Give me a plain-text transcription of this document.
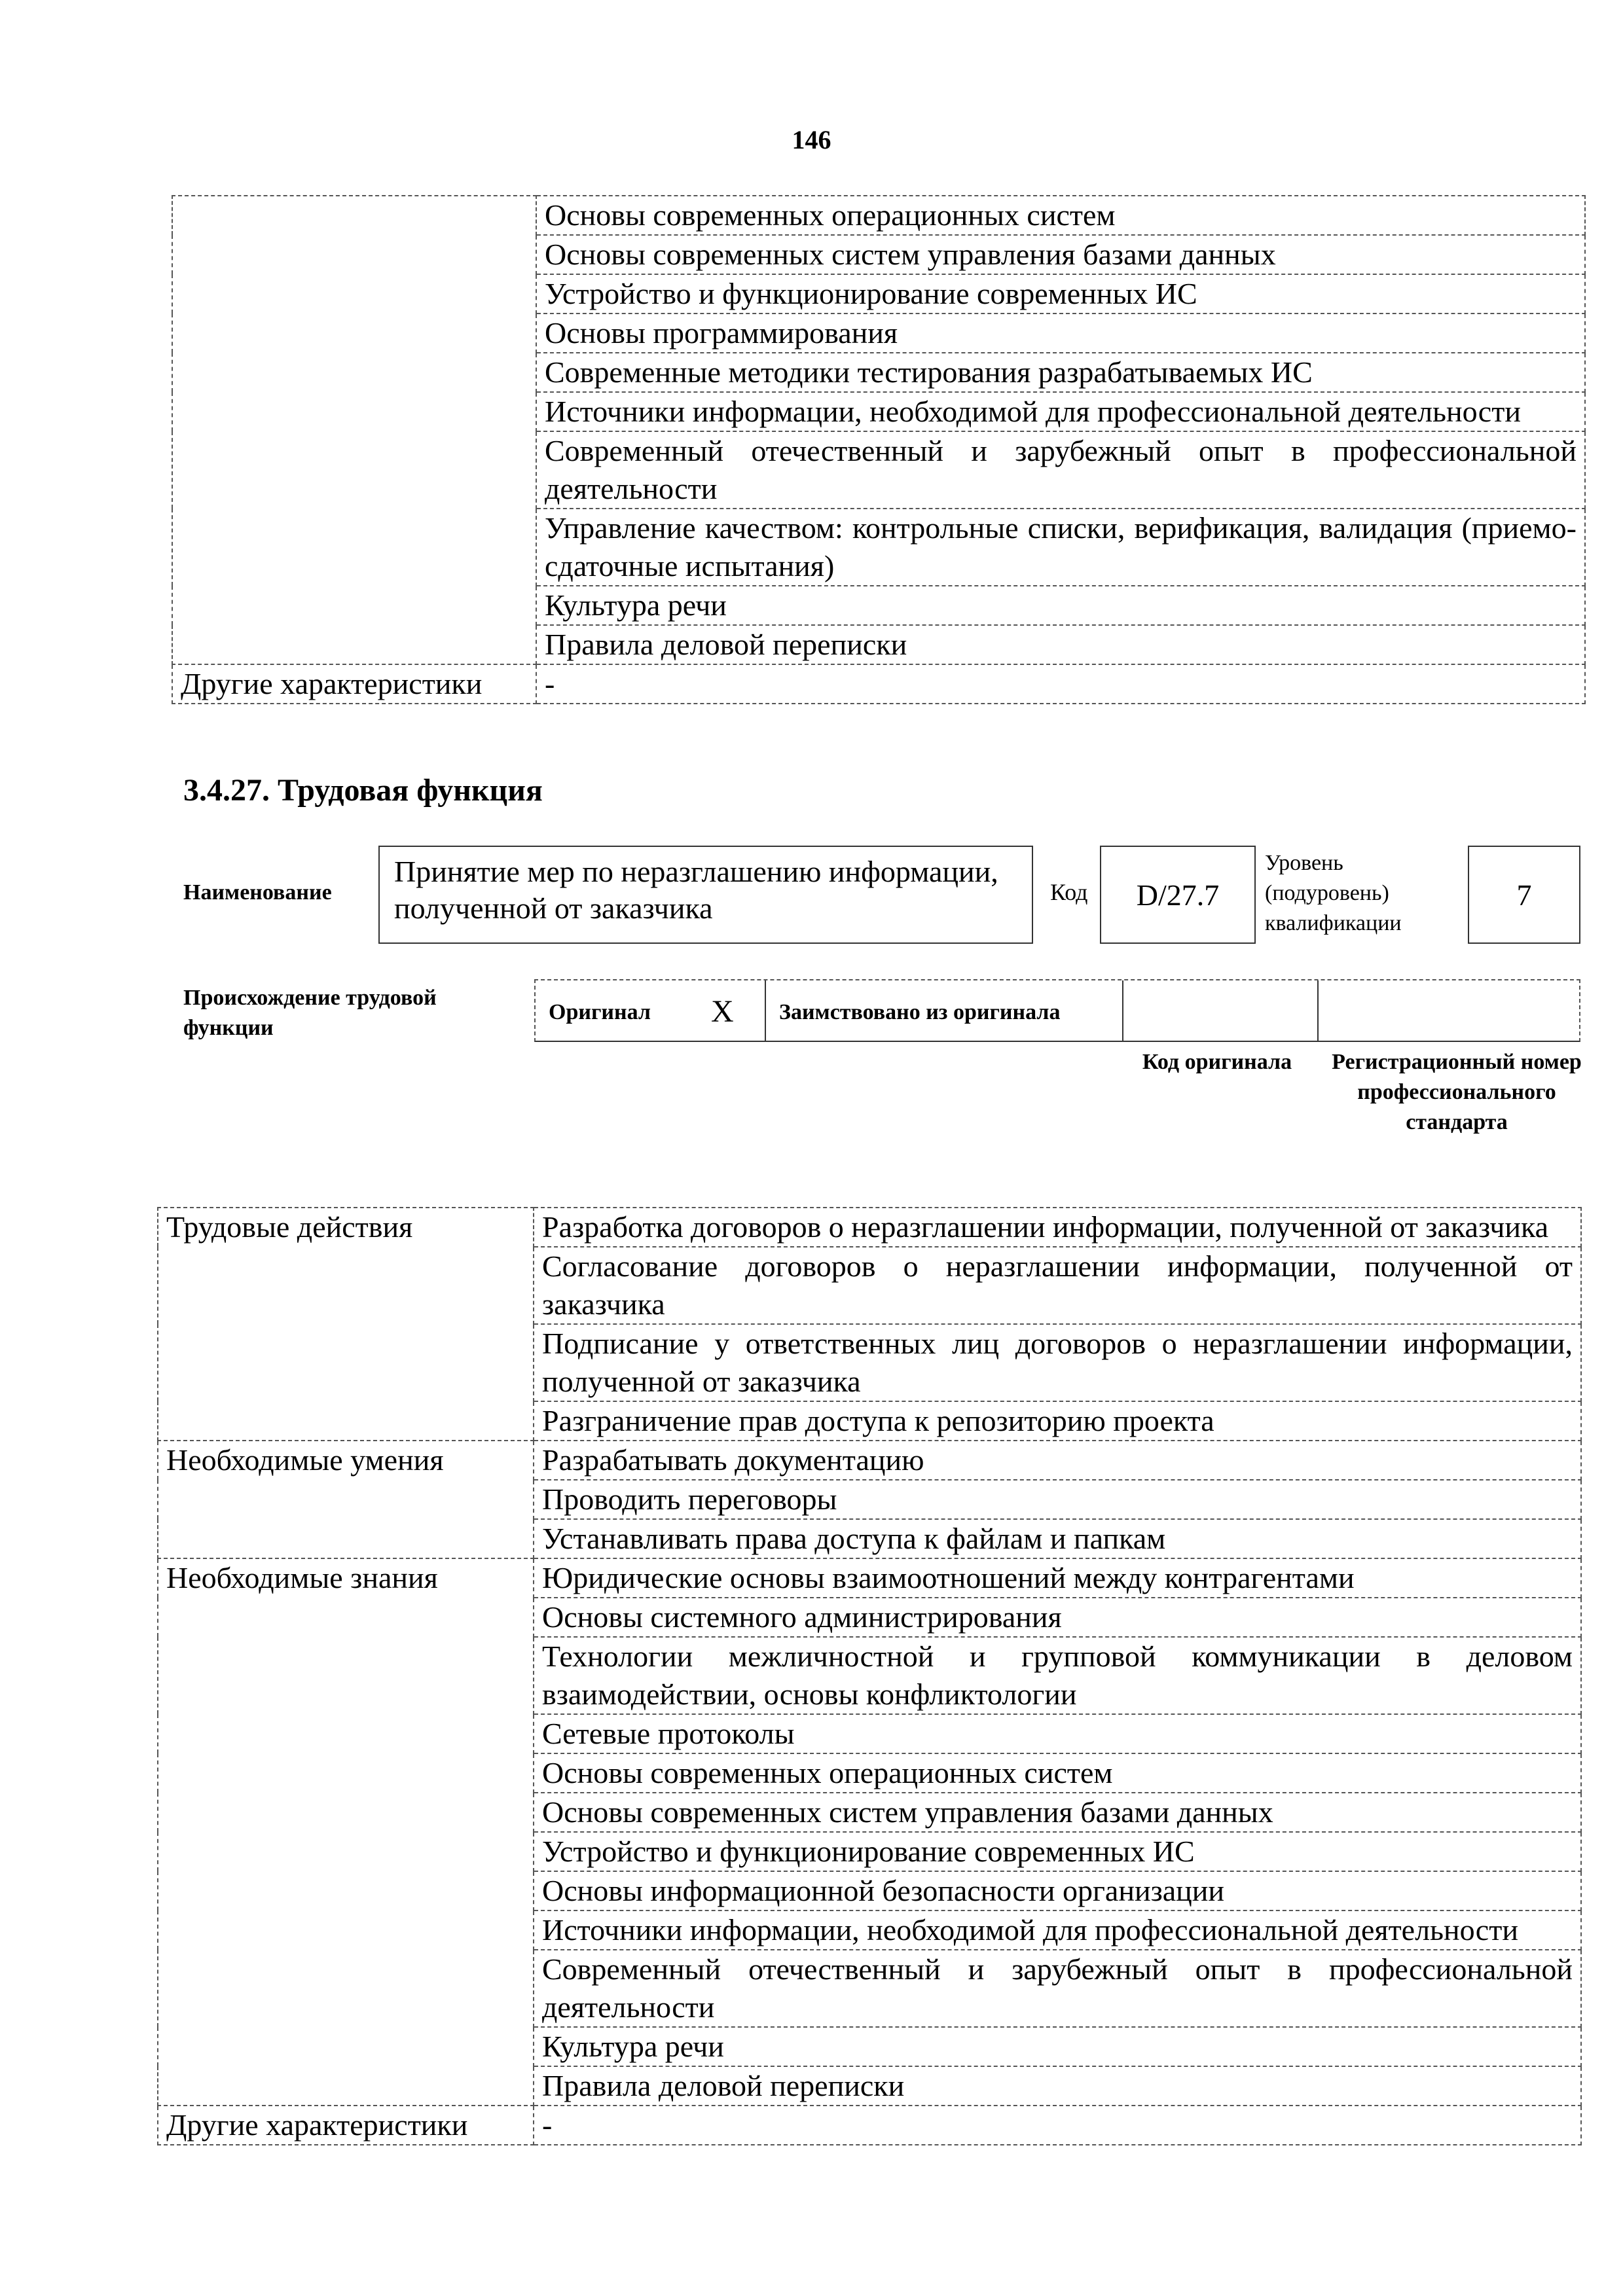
146
	Основы современных операционных систем
	Основы современных систем управления базами данных
	Устройство и функционирование современных ИС
	Основы программирования
	Современные методики тестирования разрабатываемых ИС
	Источники информации, необходимой для профессиональной деятельности
	Современный отечественный и зарубежный опыт в профессиональной деятельности
	Управление качеством: контрольные списки, верификация, валидация (приемо-сдаточные испытания)
	Культура речи
	Правила деловой переписки
Другие характеристики	-
3.4.27. Трудовая функция
Наименование
Принятие мер по неразглашению информации, полученной от заказчика	Код D/27.7
Уровень (подуровень) квалификации
7
Происхождение трудовой функции
Оригинал X Заимствовано из оригинала
Код оригинала	Регистрационный номер профессионального стандарта
Трудовые действия	Разработка договоров о неразглашении информации, полученной от заказчика
	Согласование договоров о неразглашении информации, полученной от заказчика
	Подписание у ответственных лиц договоров о неразглашении информации, полученной от заказчика
	Разграничение прав доступа к репозиторию проекта
Необходимые умения	Разрабатывать документацию
	Проводить переговоры
	Устанавливать права доступа к файлам и папкам
Необходимые знания	Юридические основы взаимоотношений между контрагентами
	Основы системного администрирования
	Технологии межличностной и групповой коммуникации в деловом взаимодействии, основы конфликтологии
	Сетевые протоколы
	Основы современных операционных систем
	Основы современных систем управления базами данных
	Устройство и функционирование современных ИС
	Основы информационной безопасности организации
	Источники информации, необходимой для профессиональной деятельности
	Современный отечественный и зарубежный опыт в профессиональной деятельности
	Культура речи
	Правила деловой переписки
Другие характеристики	-
